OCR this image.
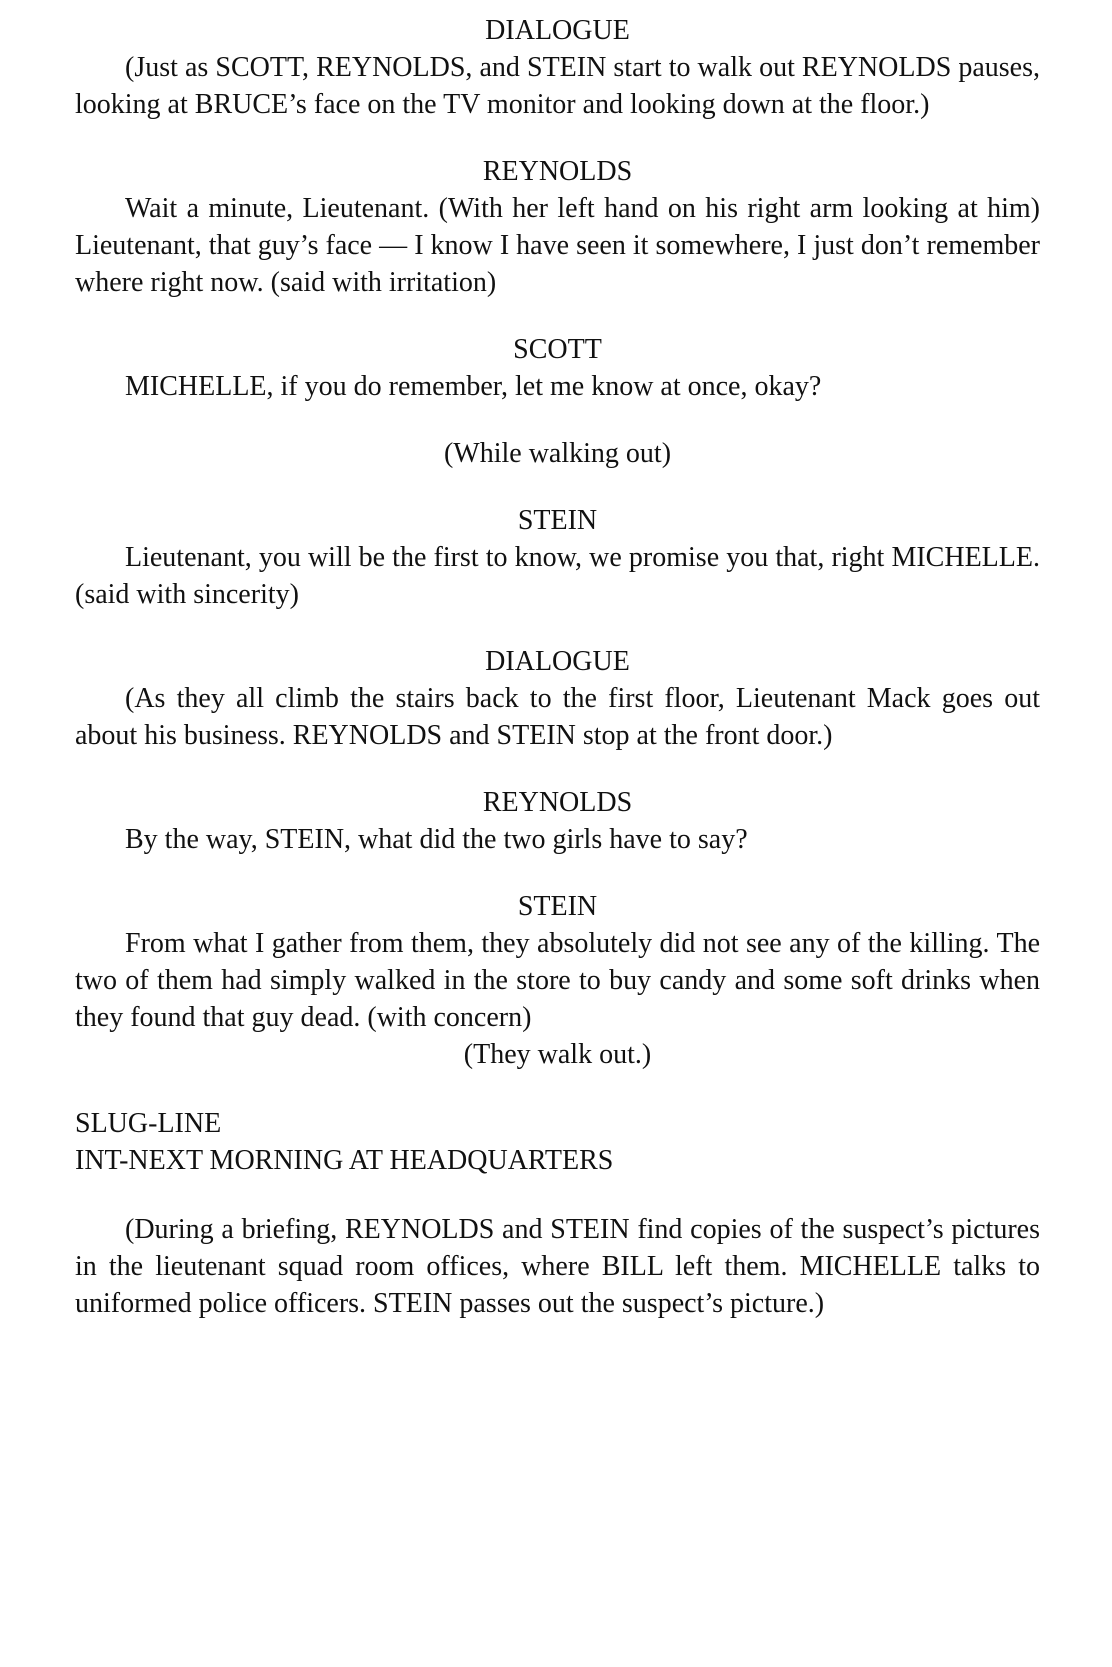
DIALOGUE

(Just as SCOTT, REYNOLDS, and STEIN start to walk out REYNOLDS pauses, looking at BRUCE’s face on the TV monitor and looking down at the floor.)

REYNOLDS

Wait a minute, Lieutenant. (With her left hand on his right arm looking at him) Lieutenant, that guy’s face — I know I have seen it somewhere, I just don’t remember where right now. (said with irritation)

SCOTT

MICHELLE, if you do remember, let me know at once, okay?

(While walking out)

STEIN

Lieutenant, you will be the first to know, we promise you that, right MICHELLE. (said with sincerity)

DIALOGUE

(As they all climb the stairs back to the first floor, Lieutenant Mack goes out about his business. REYNOLDS and STEIN stop at the front door.)

REYNOLDS

By the way, STEIN, what did the two girls have to say?

STEIN

From what I gather from them, they absolutely did not see any of the killing. The two of them had simply walked in the store to buy candy and some soft drinks when they found that guy dead. (with concern)

(They walk out.)

SLUG-LINE

INT-NEXT MORNING AT HEADQUARTERS

(During a briefing, REYNOLDS and STEIN find copies of the suspect’s pictures in the lieutenant squad room offices, where BILL left them. MICHELLE talks to uniformed police officers. STEIN passes out the suspect’s picture.)
